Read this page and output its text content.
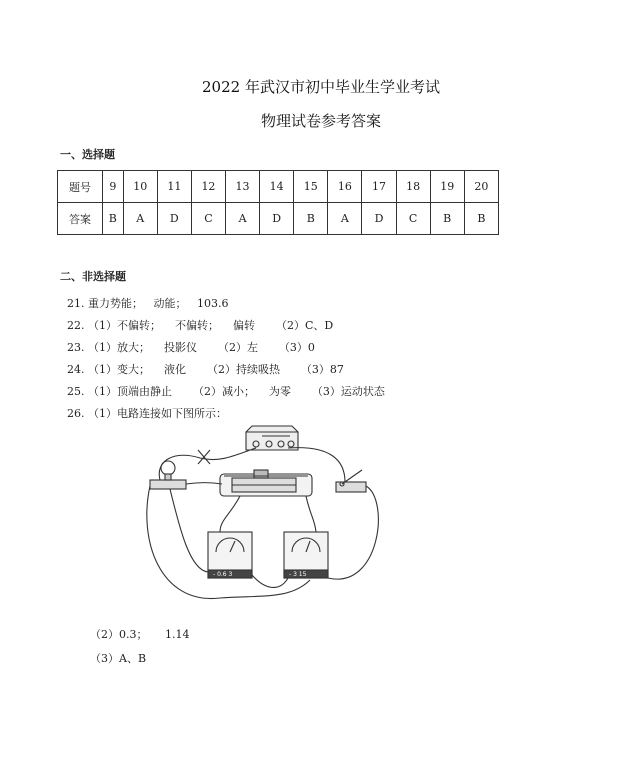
2022 年武汉市初中毕业生学业考试
物理试卷参考答案
一、选择题
题号	9	10	11	12	13	14	15	16	17	18	19	20
答案	B	A	D	C	A	D	B	A	D	C	B	B
二、非选择题
21. 重力势能；   动能；   103.6
22. （1）不偏转；    不偏转；    偏转      （2）C、D
23. （1）放大；    投影仪      （2）左      （3）0
24. （1）变大；    液化      （2）持续吸热      （3）87
25. （1）顶端由静止      （2）减小；    为零      （3）运动状态
26. （1）电路连接如下图所示：
- 0.6 3	- 3 15
（2）0.3；     1.14
（3）A、B
